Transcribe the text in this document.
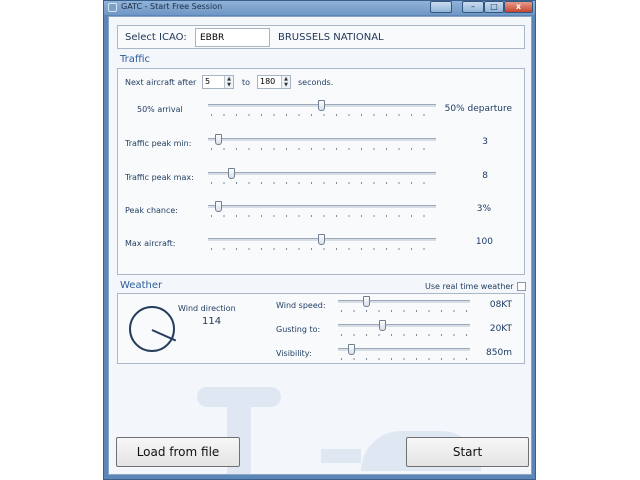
GATC - Start Free Session	–	□	x
Select ICAO:	EBBR	BRUSSELS NATIONAL
Traffic
Next aircraft after	5	▲
▼ to	180	▲
▼ seconds.
50% arrival	50% departure
Traffic peak min:	3
Traffic peak max:	8
Peak chance:	3%
Max aircraft:	100
Weather	Use real time weather
Wind direction
114
Wind speed:	08KT
Gusting to:	20KT
Visibility:	850m
Load from file	Start
